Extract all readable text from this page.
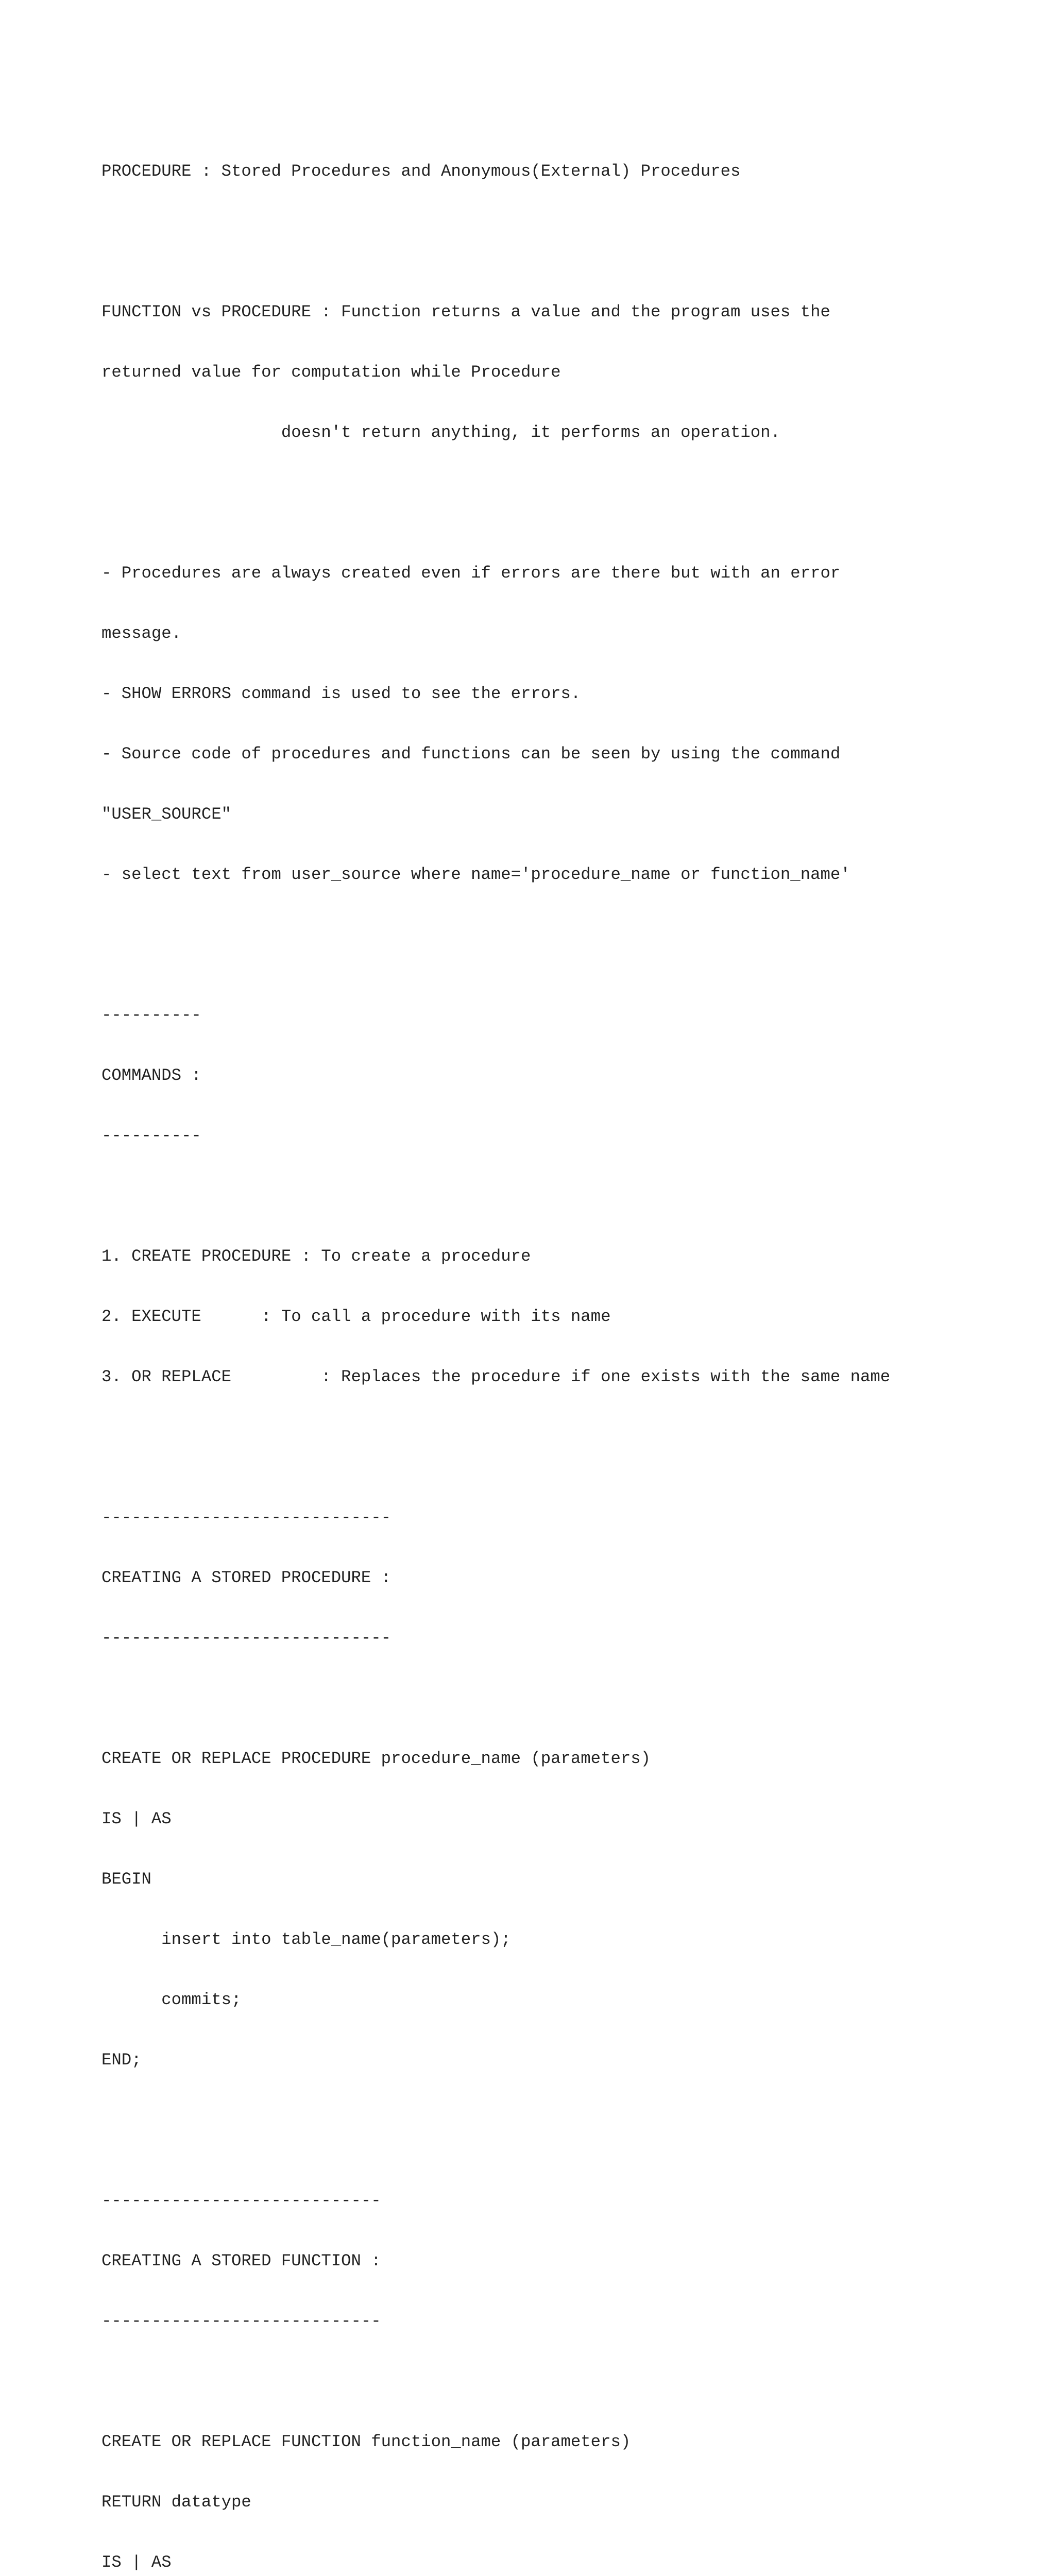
PROCEDURE : Stored Procedures and Anonymous(External) Procedures

FUNCTION vs PROCEDURE : Function returns a value and the program uses the

returned value for computation while Procedure

doesn't return anything, it performs an operation.

- Procedures are always created even if errors are there but with an error

message.

- SHOW ERRORS command is used to see the errors.

- Source code of procedures and functions can be seen by using the command

"USER_SOURCE"

- select text from user_source where name='procedure_name or function_name'

----------

COMMANDS :

----------

1. CREATE PROCEDURE : To create a procedure

2. EXECUTE      : To call a procedure with its name

3. OR REPLACE         : Replaces the procedure if one exists with the same name

-----------------------------

CREATING A STORED PROCEDURE :

-----------------------------

CREATE OR REPLACE PROCEDURE procedure_name (parameters)

IS | AS

BEGIN

insert into table_name(parameters);

commits;

END;

----------------------------

CREATING A STORED FUNCTION :

----------------------------

CREATE OR REPLACE FUNCTION function_name (parameters)

RETURN datatype

IS | AS
